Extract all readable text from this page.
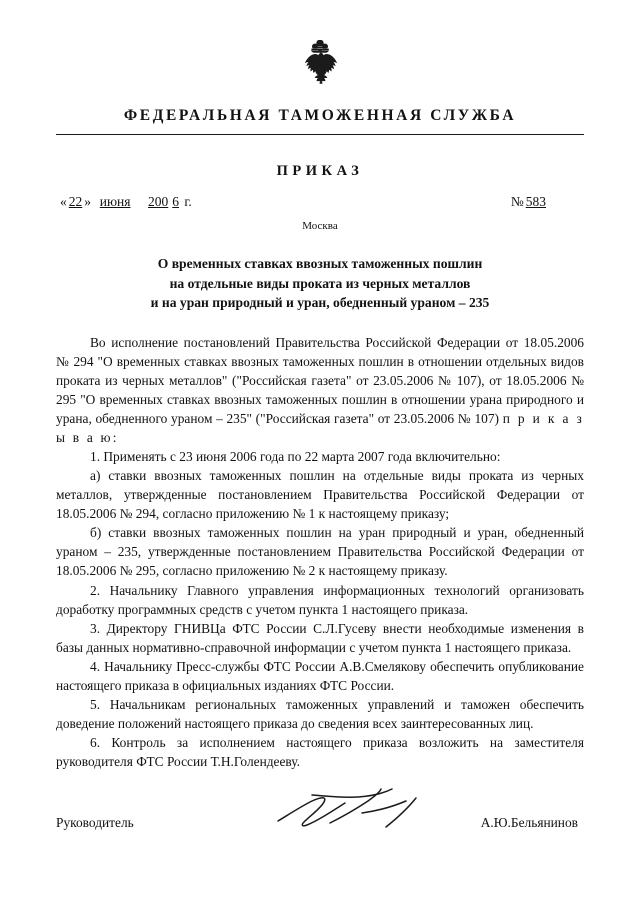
ФЕДЕРАЛЬНАЯ ТАМОЖЕННАЯ СЛУЖБА
ПРИКАЗ
« 22 » июня 200 6 г.	№ 583
Москва
О временных ставках ввозных таможенных пошлин
на отдельные виды проката из черных металлов
и на уран природный и уран, обедненный ураном – 235

Во исполнение постановлений Правительства Российской Федерации от 18.05.2006 № 294 "О временных ставках ввозных таможенных пошлин в отношении отдельных видов проката из черных металлов" ("Российская газета" от 23.05.2006 № 107), от 18.05.2006 № 295 "О временных ставках ввозных таможенных пошлин в отношении урана природного и урана, обедненного ураном – 235" ("Российская газета" от 23.05.2006 № 107) п р и к а з ы в а ю:

1. Применять с 23 июня 2006 года по 22 марта 2007 года включительно:

а) ставки ввозных таможенных пошлин на отдельные виды проката из черных металлов, утвержденные постановлением Правительства Российской Федерации от 18.05.2006 № 294, согласно приложению № 1 к настоящему приказу;

б) ставки ввозных таможенных пошлин на уран природный и уран, обедненный ураном – 235, утвержденные постановлением Правительства Российской Федерации от 18.05.2006 № 295, согласно приложению № 2 к настоящему приказу.

2. Начальнику Главного управления информационных технологий организовать доработку программных средств с учетом пункта 1 настоящего приказа.

3. Директору ГНИВЦа ФТС России С.Л.Гусеву внести необходимые изменения в базы данных нормативно-справочной информации с учетом пункта 1 настоящего приказа.

4. Начальнику Пресс-службы ФТС России А.В.Смелякову обеспечить опубликование настоящего приказа в официальных изданиях ФТС России.

5. Начальникам региональных таможенных управлений и таможен обеспечить доведение положений настоящего приказа до сведения всех заинтересованных лиц.

6. Контроль за исполнением настоящего приказа возложить на заместителя руководителя ФТС России Т.Н.Голендееву.

Руководитель	А.Ю.Бельянинов
